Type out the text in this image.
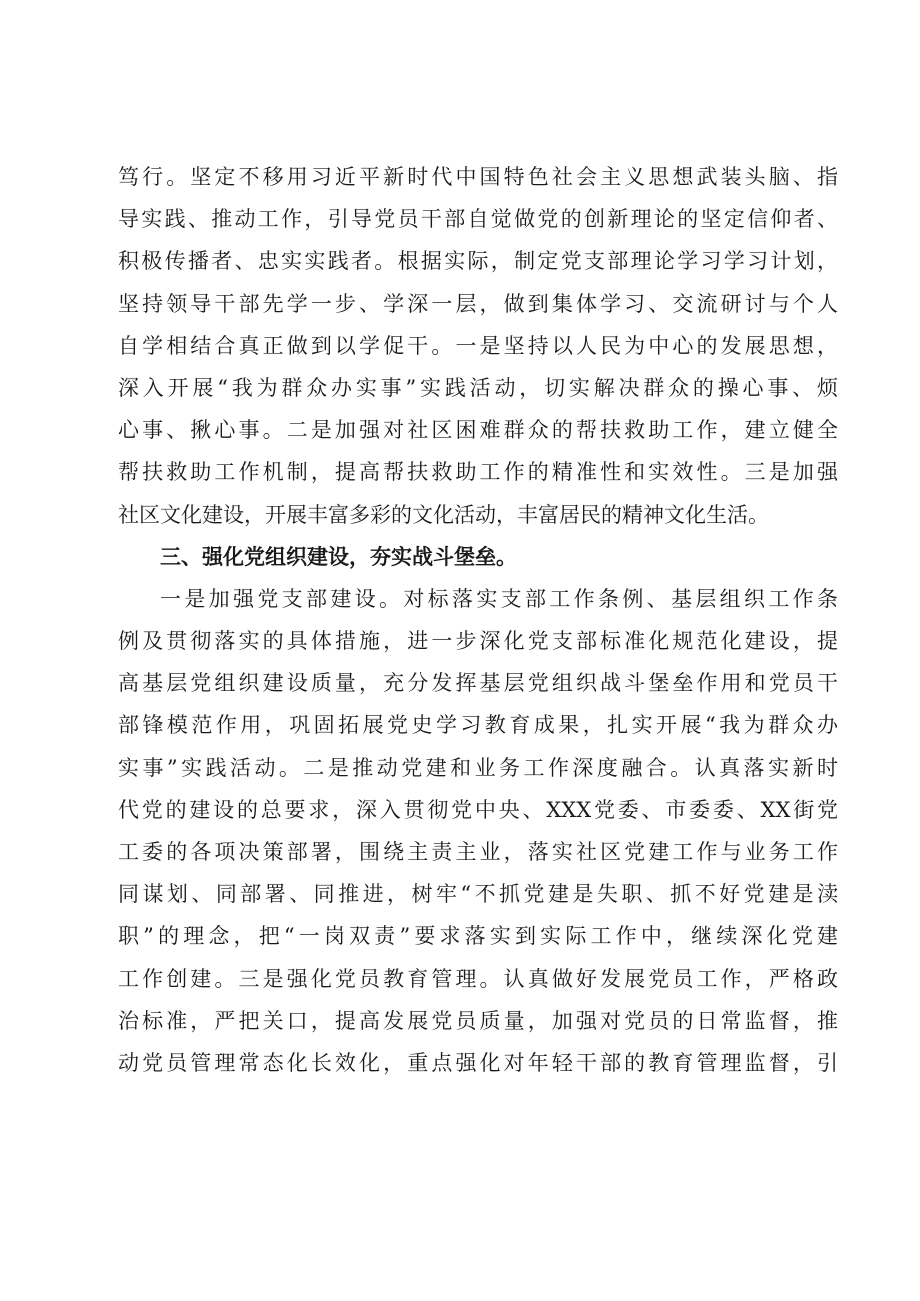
笃行。坚定不移用习近平新时代中国特色社会主义思想武装头脑、指
导实践、推动工作，引导党员干部自觉做党的创新理论的坚定信仰者、
积极传播者、忠实实践者。根据实际，制定党支部理论学习学习计划，
坚持领导干部先学一步、学深一层，做到集体学习、交流研讨与个人
自学相结合真正做到以学促干。一是坚持以人民为中心的发展思想，
深入开展“我为群众办实事”实践活动，切实解决群众的操心事、烦
心事、揪心事。二是加强对社区困难群众的帮扶救助工作，建立健全
帮扶救助工作机制，提高帮扶救助工作的精准性和实效性。三是加强
社区文化建设，开展丰富多彩的文化活动，丰富居民的精神文化生活。
三、强化党组织建设，夯实战斗堡垒。
一是加强党支部建设。对标落实支部工作条例、基层组织工作条
例及贯彻落实的具体措施，进一步深化党支部标准化规范化建设，提
高基层党组织建设质量，充分发挥基层党组织战斗堡垒作用和党员干
部锋模范作用，巩固拓展党史学习教育成果，扎实开展“我为群众办
实事”实践活动。二是推动党建和业务工作深度融合。认真落实新时
代党的建设的总要求，深入贯彻党中央、XXX党委、市委委、XX街党
工委的各项决策部署，围绕主责主业，落实社区党建工作与业务工作
同谋划、同部署、同推进，树牢“不抓党建是失职、抓不好党建是渎
职”的理念，把“一岗双责”要求落实到实际工作中，继续深化党建
工作创建。三是强化党员教育管理。认真做好发展党员工作，严格政
治标准，严把关口，提高发展党员质量，加强对党员的日常监督，推
动党员管理常态化长效化，重点强化对年轻干部的教育管理监督，引
